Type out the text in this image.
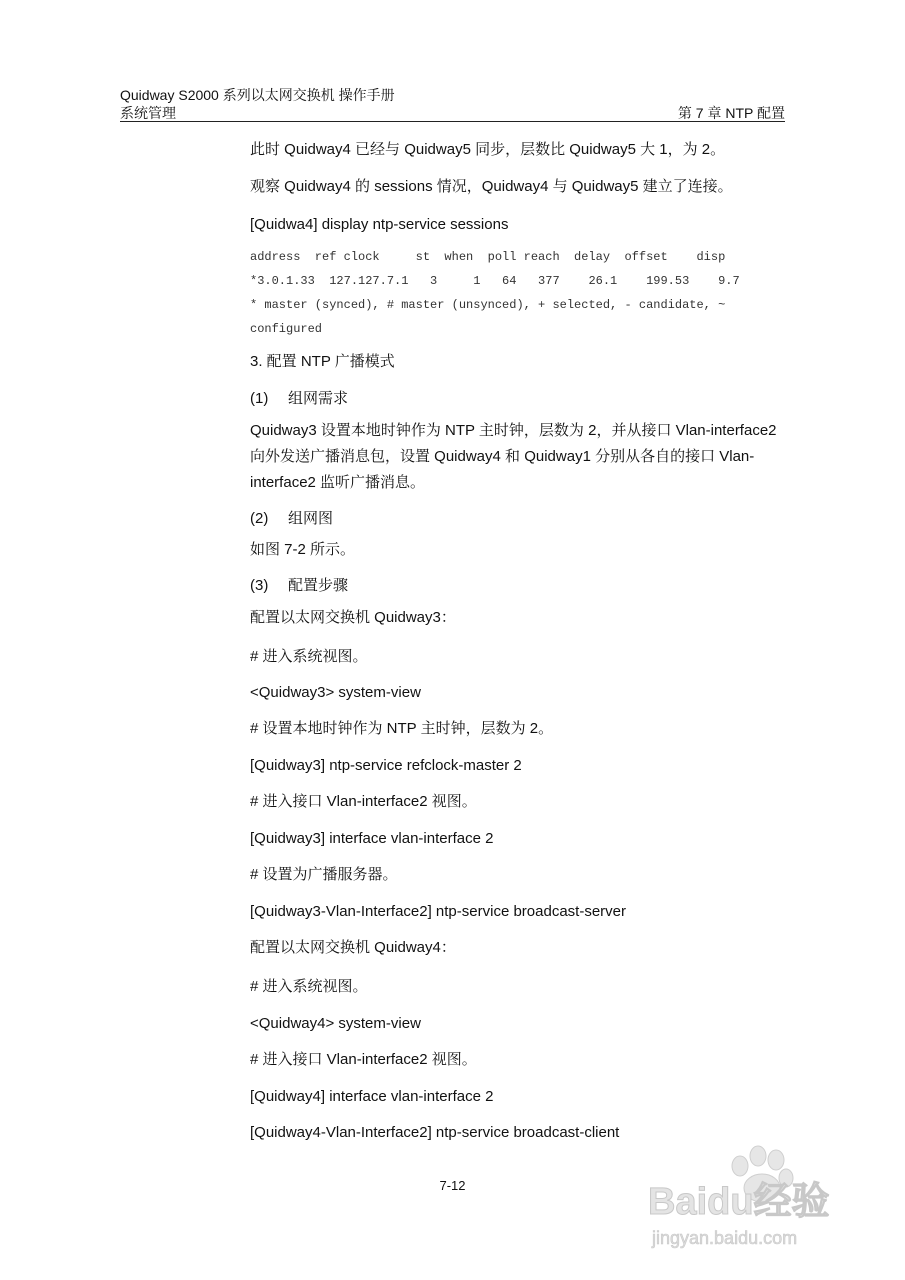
Quidway S2000 系列以太网交换机 操作手册
系统管理	第 7 章 NTP 配置
此时 Quidway4 已经与 Quidway5 同步，层数比 Quidway5 大 1，为 2。
观察 Quidway4 的 sessions 情况，Quidway4 与 Quidway5 建立了连接。
[Quidwa4] display ntp-service sessions
address  ref clock     st  when  poll reach  delay  offset    disp
*3.0.1.33  127.127.7.1   3     1   64   377    26.1    199.53    9.7
* master (synced), # master (unsynced), + selected, - candidate, ~
configured
3. 配置 NTP 广播模式
(1) 组网需求
Quidway3 设置本地时钟作为 NTP 主时钟，层数为 2，并从接口 Vlan-interface2 向外发送广播消息包，设置 Quidway4 和 Quidway1 分别从各自的接口 Vlan-interface2 监听广播消息。
(2) 组网图
如图 7-2 所示。
(3) 配置步骤
配置以太网交换机 Quidway3：
# 进入系统视图。
<Quidway3> system-view
# 设置本地时钟作为 NTP 主时钟，层数为 2。
[Quidway3] ntp-service refclock-master 2
# 进入接口 Vlan-interface2 视图。
[Quidway3] interface vlan-interface 2
# 设置为广播服务器。
[Quidway3-Vlan-Interface2] ntp-service broadcast-server
配置以太网交换机 Quidway4：
# 进入系统视图。
<Quidway4> system-view
# 进入接口 Vlan-interface2 视图。
[Quidway4] interface vlan-interface 2
[Quidway4-Vlan-Interface2] ntp-service broadcast-client
7-12	Baidu经验
jingyan.baidu.com
